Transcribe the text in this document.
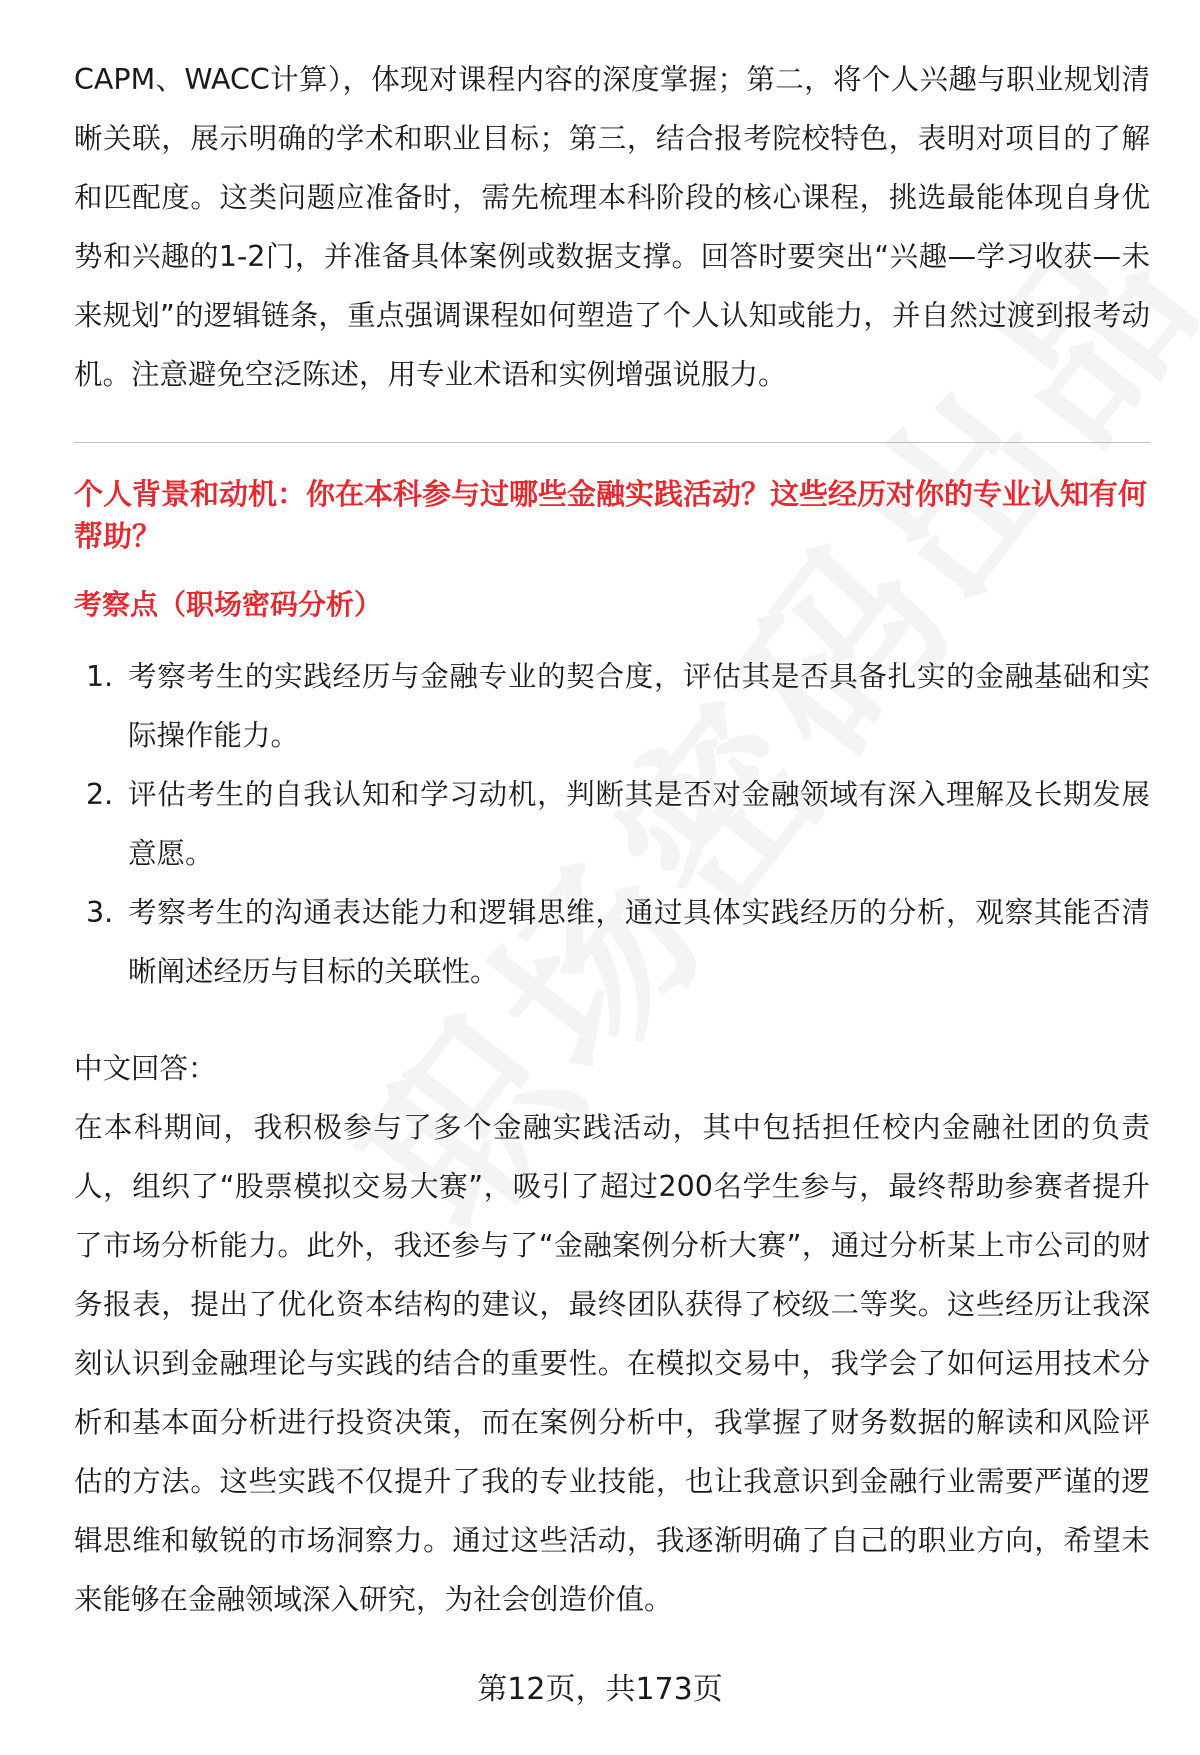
CAPM、WACC计算），体现对课程内容的深度掌握；第二，将个人兴趣与职业规划清晰关联，展示明确的学术和职业目标；第三，结合报考院校特色，表明对项目的了解和匹配度。这类问题应准备时，需先梳理本科阶段的核心课程，挑选最能体现自身优势和兴趣的1-2门，并准备具体案例或数据支撑。回答时要突出“兴趣—学习收获—未来规划”的逻辑链条，重点强调课程如何塑造了个人认知或能力，并自然过渡到报考动机。注意避免空泛陈述，用专业术语和实例增强说服力。

个人背景和动机：你在本科参与过哪些金融实践活动？这些经历对你的专业认知有何帮助？

考察点（职场密码分析）

1. 考察考生的实践经历与金融专业的契合度，评估其是否具备扎实的金融基础和实际操作能力。
2. 评估考生的自我认知和学习动机，判断其是否对金融领域有深入理解及长期发展意愿。
3. 考察考生的沟通表达能力和逻辑思维，通过具体实践经历的分析，观察其能否清晰阐述经历与目标的关联性。

中文回答：

在本科期间，我积极参与了多个金融实践活动，其中包括担任校内金融社团的负责人，组织了“股票模拟交易大赛”，吸引了超过200名学生参与，最终帮助参赛者提升了市场分析能力。此外，我还参与了“金融案例分析大赛”，通过分析某上市公司的财务报表，提出了优化资本结构的建议，最终团队获得了校级二等奖。这些经历让我深刻认识到金融理论与实践的结合的重要性。在模拟交易中，我学会了如何运用技术分析和基本面分析进行投资决策，而在案例分析中，我掌握了财务数据的解读和风险评估的方法。这些实践不仅提升了我的专业技能，也让我意识到金融行业需要严谨的逻辑思维和敏锐的市场洞察力。通过这些活动，我逐渐明确了自己的职业方向，希望未来能够在金融领域深入研究，为社会创造价值。

第12页，共173页
